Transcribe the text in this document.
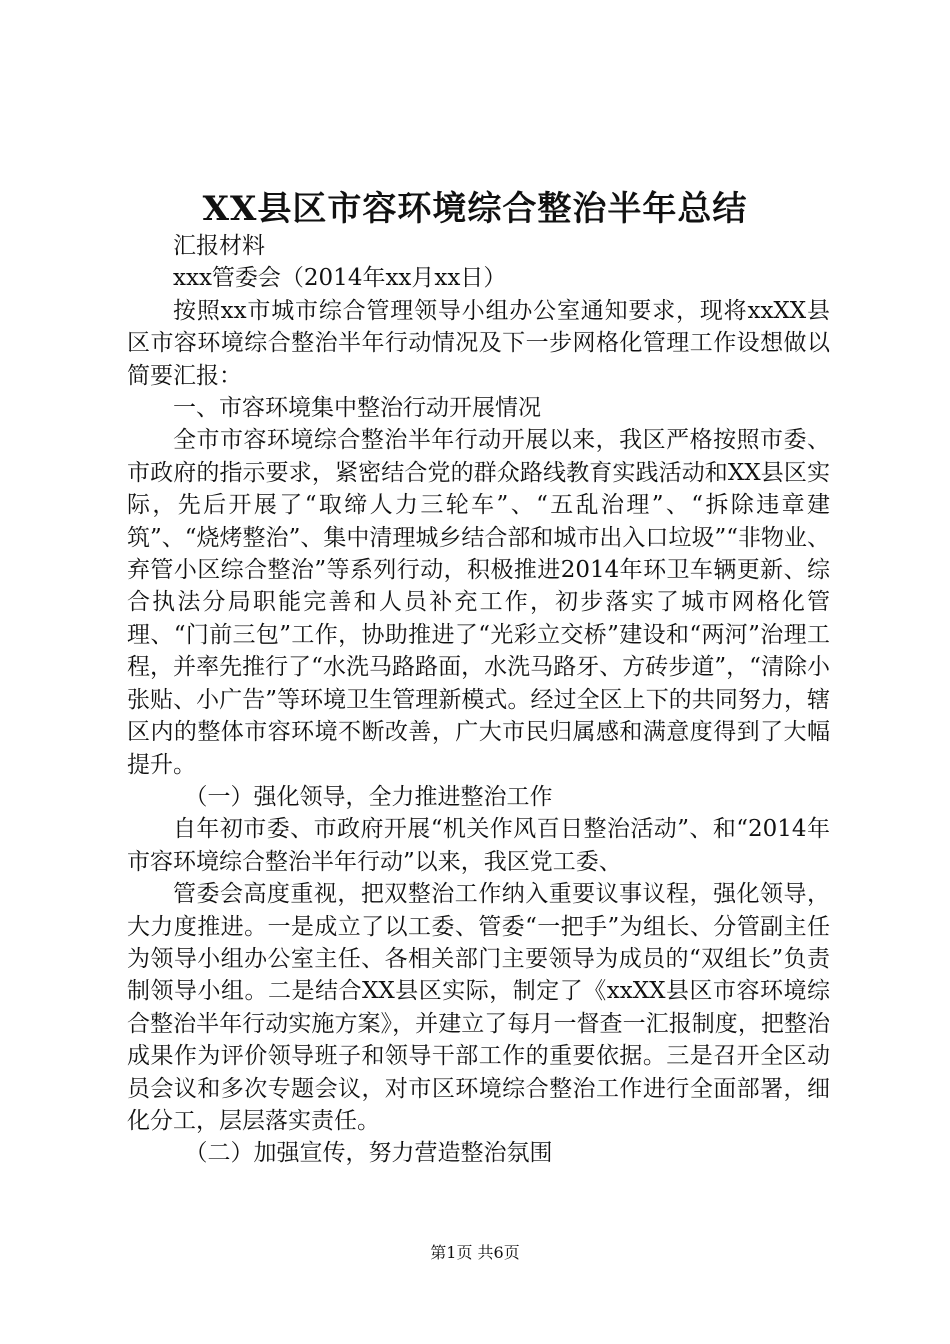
XX县区市容环境综合整治半年总结

汇报材料

xxx管委会（2014年xx月xx日）

按照xx市城市综合管理领导小组办公室通知要求，现将xxXX县区市容环境综合整治半年行动情况及下一步网格化管理工作设想做以简要汇报：

一、市容环境集中整治行动开展情况

全市市容环境综合整治半年行动开展以来，我区严格按照市委、市政府的指示要求，紧密结合党的群众路线教育实践活动和XX县区实际，先后开展了“取缔人力三轮车”、“五乱治理”、“拆除违章建筑”、“烧烤整治”、集中清理城乡结合部和城市出入口垃圾”“非物业、弃管小区综合整治”等系列行动，积极推进2014年环卫车辆更新、综合执法分局职能完善和人员补充工作，初步落实了城市网格化管理、“门前三包”工作，协助推进了“光彩立交桥”建设和“两河”治理工程，并率先推行了“水洗马路路面，水洗马路牙、方砖步道”，“清除小张贴、小广告”等环境卫生管理新模式。经过全区上下的共同努力，辖区内的整体市容环境不断改善，广大市民归属感和满意度得到了大幅提升。

（一）强化领导，全力推进整治工作

自年初市委、市政府开展“机关作风百日整治活动”、和“2014年市容环境综合整治半年行动”以来，我区党工委、

管委会高度重视，把双整治工作纳入重要议事议程，强化领导，大力度推进。一是成立了以工委、管委“一把手”为组长、分管副主任为领导小组办公室主任、各相关部门主要领导为成员的“双组长”负责制领导小组。二是结合XX县区实际，制定了《xxXX县区市容环境综合整治半年行动实施方案》，并建立了每月一督查一汇报制度，把整治成果作为评价领导班子和领导干部工作的重要依据。三是召开全区动员会议和多次专题会议，对市区环境综合整治工作进行全面部署，细化分工，层层落实责任。

（二）加强宣传，努力营造整治氛围

第1页 共6页
